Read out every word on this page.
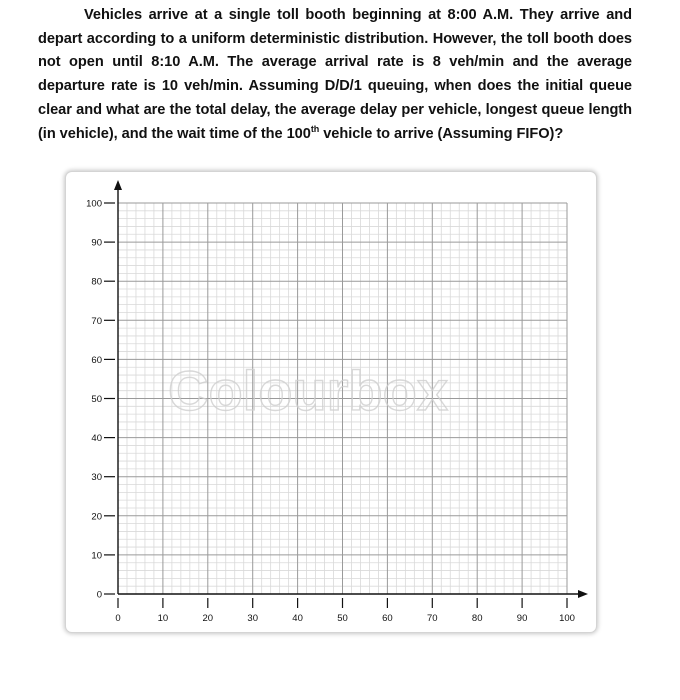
Vehicles arrive at a single toll booth beginning at 8:00 A.M. They arrive and depart according to a uniform deterministic distribution. However, the toll booth does not open until 8:10 A.M. The average arrival rate is 8 veh/min and the average departure rate is 10 veh/min. Assuming D/D/1 queuing, when does the initial queue clear and what are the total delay, the average delay per vehicle, longest queue length (in vehicle), and the wait time of the 100th vehicle to arrive (Assuming FIFO)?

Colourbox
0	10	20	30	40	50	60	70	80	90	100
0
10
20
30
40
50
60
70
80
90
100
